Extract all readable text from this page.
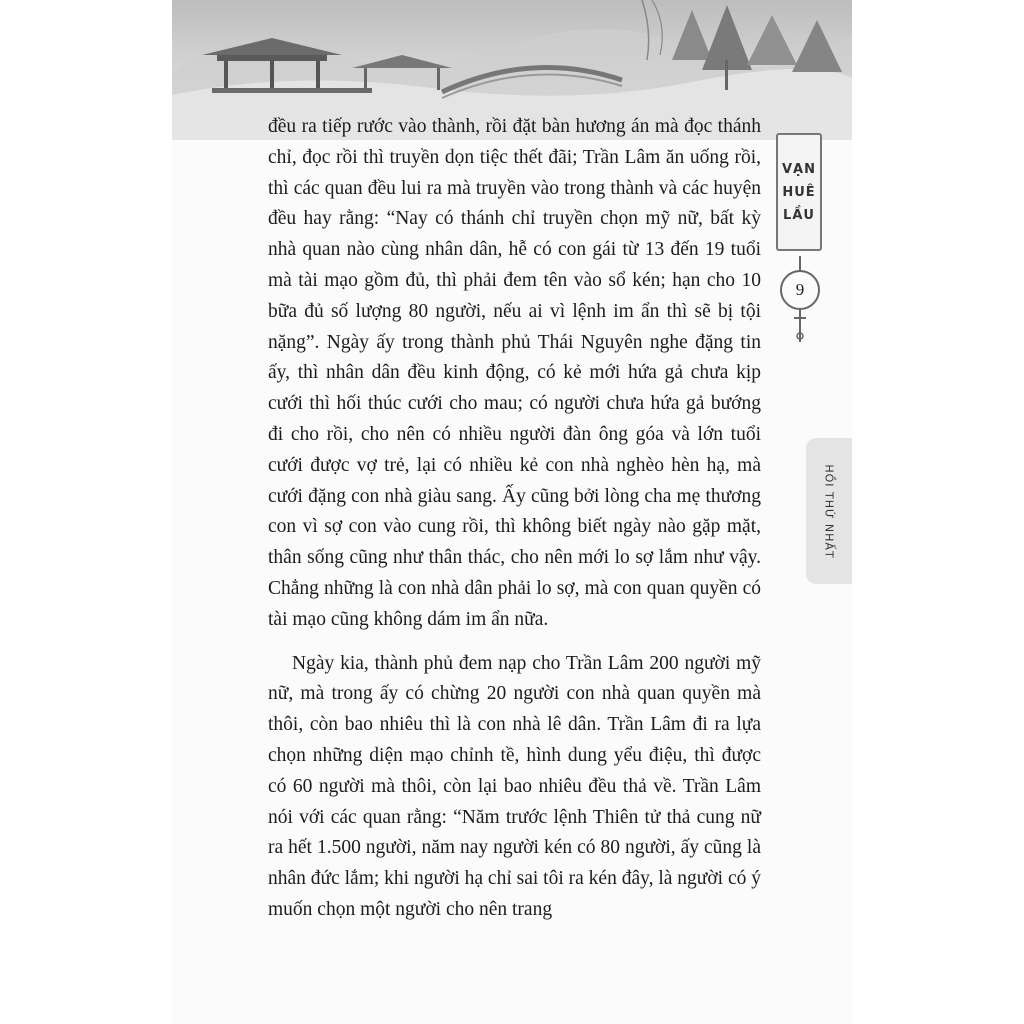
đều ra tiếp rước vào thành, rồi đặt bàn hương án mà đọc thánh chỉ, đọc rồi thì truyền dọn tiệc thết đãi; Trần Lâm ăn uống rồi, thì các quan đều lui ra mà truyền vào trong thành và các huyện đều hay rằng: “Nay có thánh chỉ truyền chọn mỹ nữ, bất kỳ nhà quan nào cùng nhân dân, hễ có con gái từ 13 đến 19 tuổi mà tài mạo gồm đủ, thì phải đem tên vào sổ kén; hạn cho 10 bữa đủ số lượng 80 người, nếu ai vì lệnh im ẩn thì sẽ bị tội nặng”. Ngày ấy trong thành phủ Thái Nguyên nghe đặng tin ấy, thì nhân dân đều kinh động, có kẻ mới hứa gả chưa kịp cưới thì hối thúc cưới cho mau; có người chưa hứa gả bướng đi cho rồi, cho nên có nhiều người đàn ông góa và lớn tuổi cưới được vợ trẻ, lại có nhiều kẻ con nhà nghèo hèn hạ, mà cưới đặng con nhà giàu sang. Ấy cũng bởi lòng cha mẹ thương con vì sợ con vào cung rồi, thì không biết ngày nào gặp mặt, thân sống cũng như thân thác, cho nên mới lo sợ lắm như vậy. Chẳng những là con nhà dân phải lo sợ, mà con quan quyền có tài mạo cũng không dám im ẩn nữa.

Ngày kia, thành phủ đem nạp cho Trần Lâm 200 người mỹ nữ, mà trong ấy có chừng 20 người con nhà quan quyền mà thôi, còn bao nhiêu thì là con nhà lê dân. Trần Lâm đi ra lựa chọn những diện mạo chỉnh tề, hình dung yểu điệu, thì được có 60 người mà thôi, còn lại bao nhiêu đều thả về. Trần Lâm nói với các quan rằng: “Năm trước lệnh Thiên tử thả cung nữ ra hết 1.500 người, năm nay người kén có 80 người, ấy cũng là nhân đức lắm; khi người hạ chỉ sai tôi ra kén đây, là người có ý muốn chọn một người cho nên trang

VẠN
HUÊ
LẦU
9
HỒI THỨ NHẤT
